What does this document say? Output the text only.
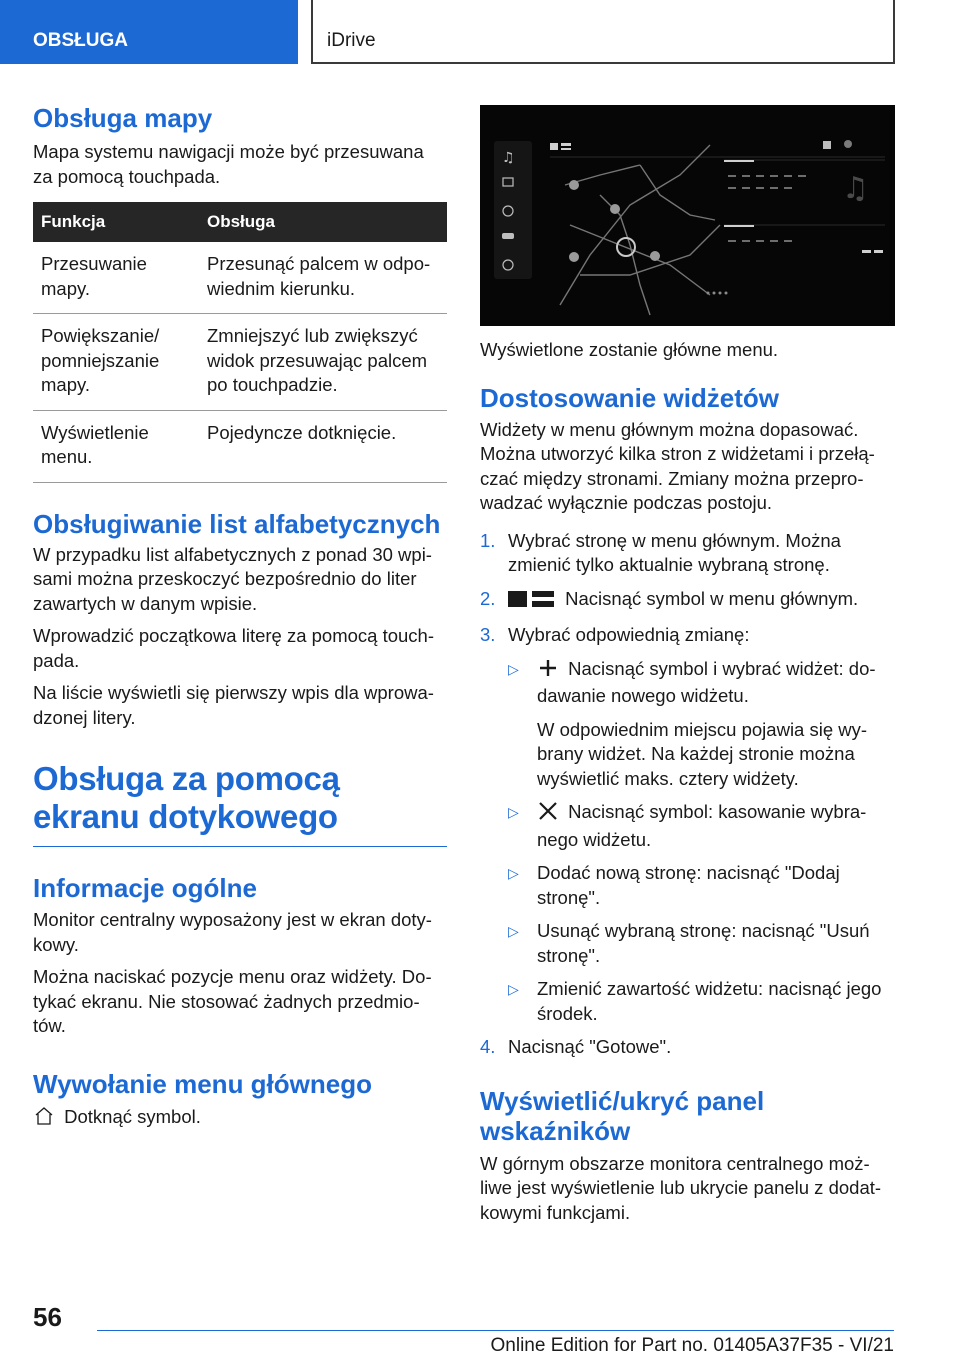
OBSŁUGA	iDrive
Obsługa mapy

Mapa systemu nawigacji może być przesuwana za pomocą touchpada.

Funkcja	Obsługa
Przesuwanie mapy.	Przesunąć palcem w odpo-wiednim kierunku.
Powiększanie/ pomniejszanie mapy.	Zmniejszyć lub zwiększyć widok przesuwając palcem po touchpadzie.
Wyświetlenie menu.	Pojedyncze dotknięcie.
Obsługiwanie list alfabetycznych

W przypadku list alfabetycznych z ponad 30 wpi-sami można przeskoczyć bezpośrednio do liter zawartych w danym wpisie.

Wprowadzić początkowa literę za pomocą touch-pada.

Na liście wyświetli się pierwszy wpis dla wprowa-dzonej litery.

Obsługa za pomocą ekranu dotykowego
Informacje ogólne

Monitor centralny wyposażony jest w ekran doty-kowy.

Można naciskać pozycje menu oraz widżety. Do-tykać ekranu. Nie stosować żadnych przedmio-tów.

Wywołanie menu głównego

Dotknąć symbol.

♫
♫

Wyświetlone zostanie główne menu.

Dostosowanie widżetów

Widżety w menu głównym można dopasować. Można utworzyć kilka stron z widżetami i przełą-czać między stronami. Zmiany można przepro-wadzać wyłącznie podczas postoju.

1. Wybrać stronę w menu głównym. Można zmienić tylko aktualnie wybraną stronę.
2.	Nacisnąć symbol w menu głównym.
3. Wybrać odpowiednią zmianę:
▷	Nacisnąć symbol i wybrać widżet: do-dawanie nowego widżetu.
W odpowiednim miejscu pojawia się wy-brany widżet. Na każdej stronie można wyświetlić maks. cztery widżety.
▷	Nacisnąć symbol: kasowanie wybra-nego widżetu.
▷ Dodać nową stronę: nacisnąć "Dodaj stronę".
▷ Usunąć wybraną stronę: nacisnąć "Usuń stronę".
▷ Zmienić zawartość widżetu: nacisnąć jego środek.
4. Nacisnąć "Gotowe".
Wyświetlić/ukryć panel wskaźników

W górnym obszarze monitora centralnego moż-liwe jest wyświetlenie lub ukrycie panelu z dodat-kowymi funkcjami.

56
Online Edition for Part no. 01405A37F35 - VI/21
